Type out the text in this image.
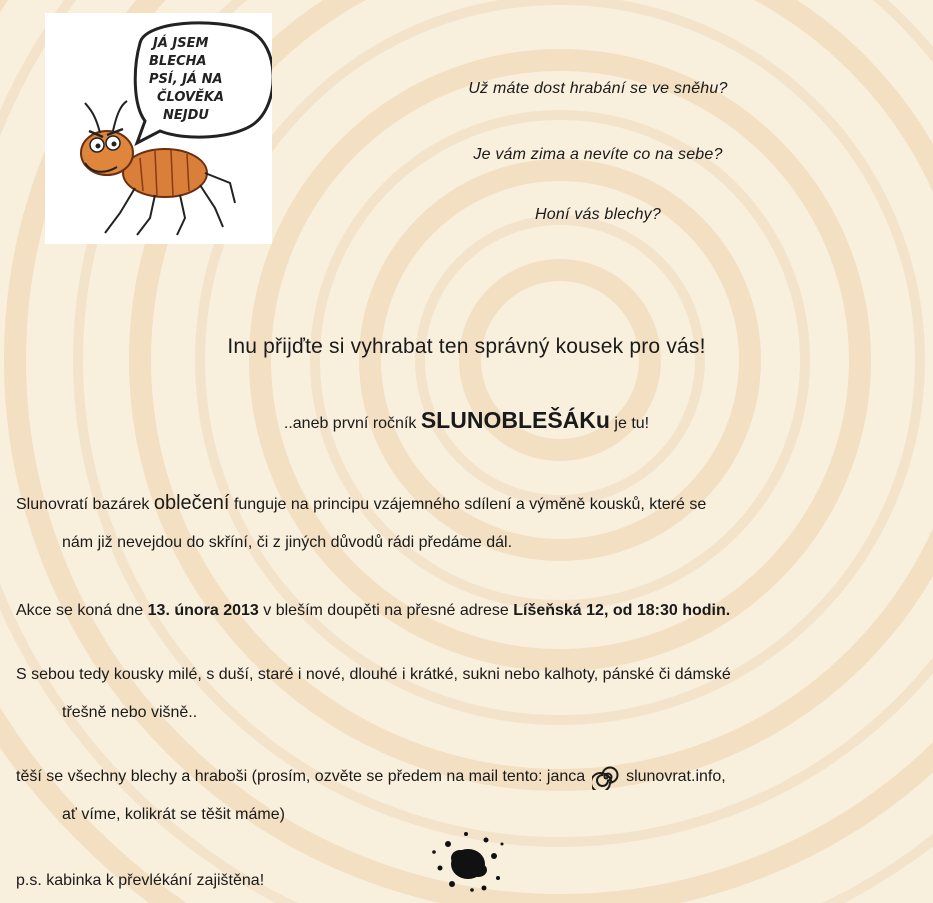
JÁ JSEM
BLECHA
PSÍ, JÁ NA
ČLOVĚKA
NEJDU
Už máte dost hrabání se ve sněhu?
Je vám zima a nevíte co na sebe?
Honí vás blechy?
Inu přijďte si vyhrabat ten správný kousek pro vás!
..aneb první ročník SLUNOBLEŠÁKu je tu!
Slunovratí bazárek oblečení funguje na principu vzájemného sdílení a výměně kousků, které se
nám již nevejdou do skříní, či z jiných důvodů rádi předáme dál.
Akce se koná dne 13. února 2013 v bleším doupěti na přesné adrese Líšeňská 12, od 18:30 hodin.
S sebou tedy kousky milé, s duší, staré i nové, dlouhé i krátké, sukni nebo kalhoty, pánské či dámské
třešně nebo višně..
těší se všechny blechy a hraboši (prosím, ozvěte se předem na mail tento: janca	slunovrat.info,
ať víme, kolikrát se těšit máme)
p.s. kabinka k převlékání zajištěna!
